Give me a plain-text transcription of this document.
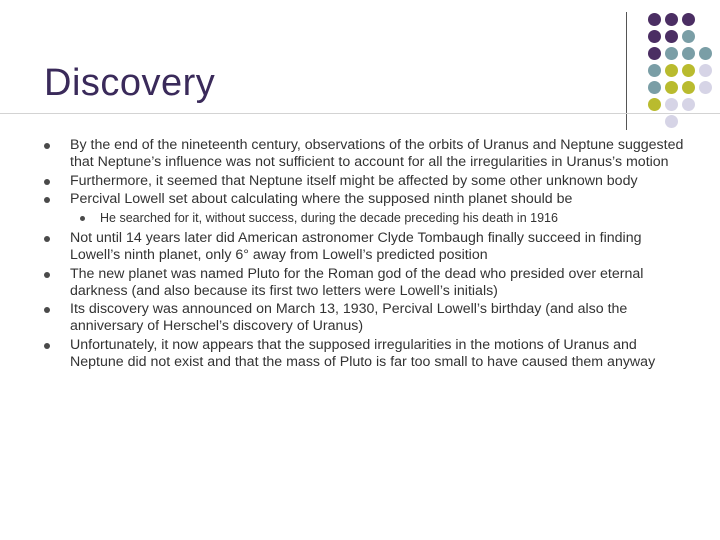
Discovery
By the end of the nineteenth century, observations of the orbits of Uranus and Neptune suggested that Neptune’s influence was not sufficient to account for all the irregularities in Uranus’s motion
Furthermore, it seemed that Neptune itself might be affected by some other unknown body
Percival Lowell set about calculating where the supposed ninth planet should be
He searched for it, without success, during the decade preceding his death in 1916
Not until 14 years later did American astronomer Clyde Tombaugh finally succeed in finding Lowell’s ninth planet, only 6° away from Lowell’s predicted position
The new planet was named Pluto for the Roman god of the dead who presided over eternal darkness (and also because its first two letters were Lowell’s initials)
Its discovery was announced on March 13, 1930, Percival Lowell’s birthday (and also the anniversary of Herschel’s discovery of Uranus)
Unfortunately, it now appears that the supposed irregularities in the motions of Uranus and Neptune did not exist and that the mass of Pluto is far too small to have caused them anyway
